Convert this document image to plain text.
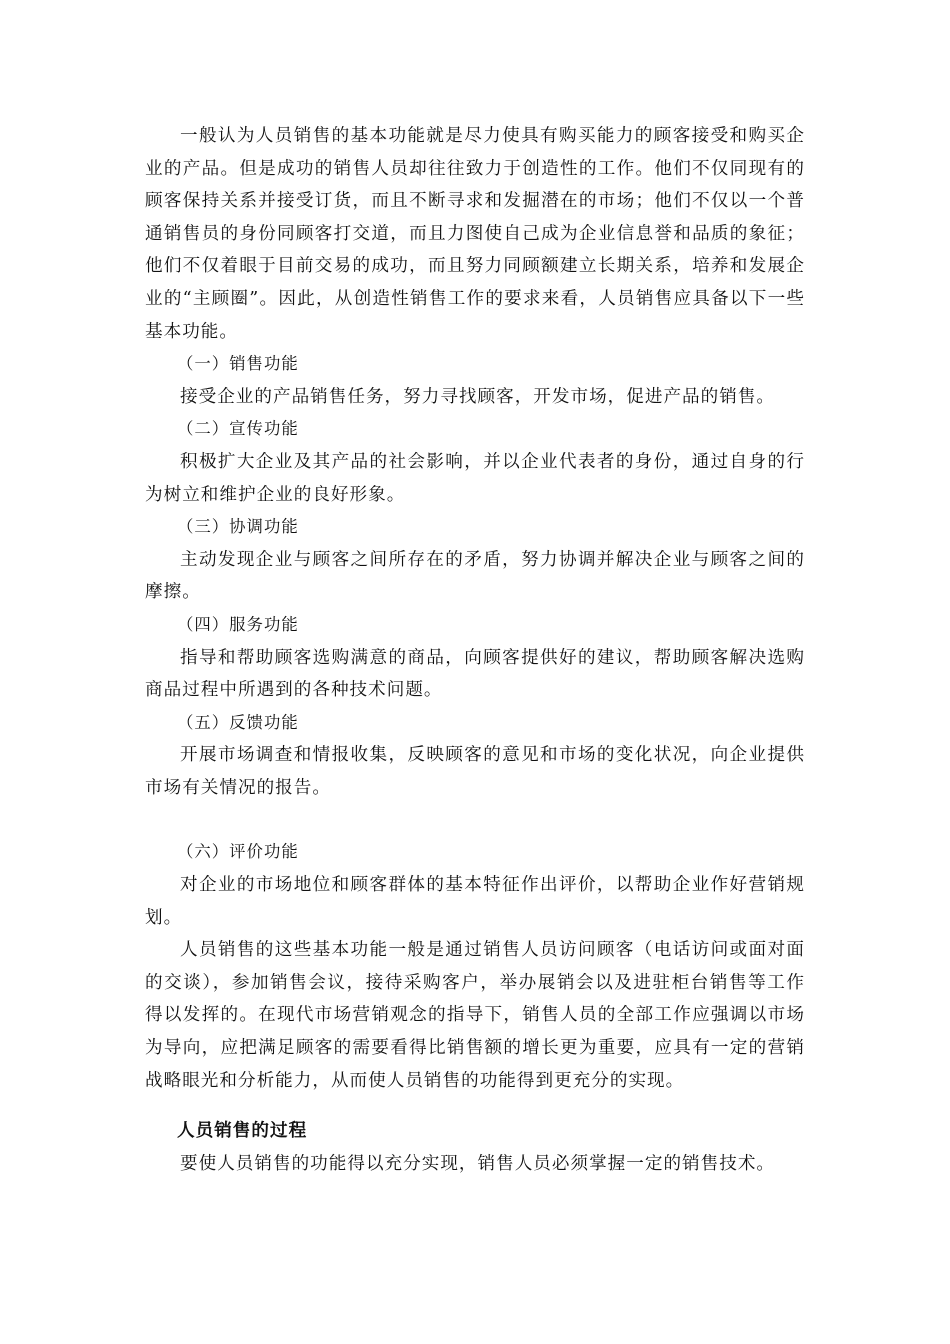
一般认为人员销售的基本功能就是尽力使具有购买能力的顾客接受和购买企业的产品。但是成功的销售人员却往往致力于创造性的工作。他们不仅同现有的顾客保持关系并接受订货，而且不断寻求和发掘潜在的市场；他们不仅以一个普通销售员的身份同顾客打交道，而且力图使自己成为企业信息誉和品质的象征；他们不仅着眼于目前交易的成功，而且努力同顾额建立长期关系，培养和发展企业的“主顾圈”。因此，从创造性销售工作的要求来看，人员销售应具备以下一些基本功能。

（一）销售功能

接受企业的产品销售任务，努力寻找顾客，开发市场，促进产品的销售。

（二）宣传功能

积极扩大企业及其产品的社会影响，并以企业代表者的身份，通过自身的行为树立和维护企业的良好形象。

（三）协调功能

主动发现企业与顾客之间所存在的矛盾，努力协调并解决企业与顾客之间的摩擦。

（四）服务功能

指导和帮助顾客选购满意的商品，向顾客提供好的建议，帮助顾客解决选购商品过程中所遇到的各种技术问题。

（五）反馈功能

开展市场调查和情报收集，反映顾客的意见和市场的变化状况，向企业提供市场有关情况的报告。

（六）评价功能

对企业的市场地位和顾客群体的基本特征作出评价，以帮助企业作好营销规划。

人员销售的这些基本功能一般是通过销售人员访问顾客（电话访问或面对面的交谈），参加销售会议，接待采购客户，举办展销会以及进驻柜台销售等工作得以发挥的。在现代市场营销观念的指导下，销售人员的全部工作应强调以市场为导向，应把满足顾客的需要看得比销售额的增长更为重要，应具有一定的营销战略眼光和分析能力，从而使人员销售的功能得到更充分的实现。

人员销售的过程

要使人员销售的功能得以充分实现，销售人员必须掌握一定的销售技术。
